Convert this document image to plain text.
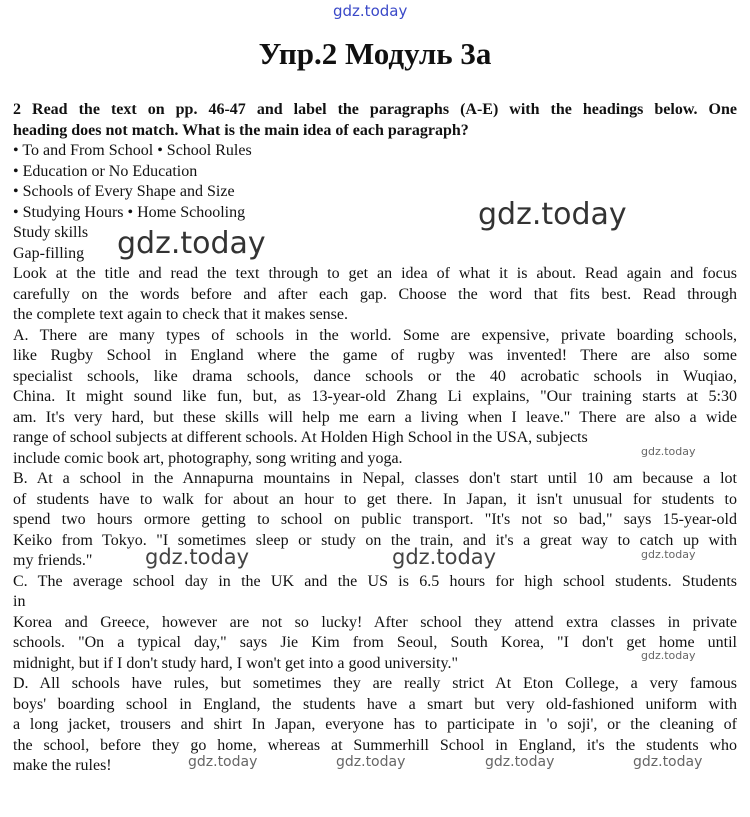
gdz.today
Упр.2 Модуль 3а

2 Read the text on pp. 46-47 and label the paragraphs (A-E) with the headings below. One

heading does not match. What is the main idea of each paragraph?

• To and From School • School Rules

• Education or No Education

• Schools of Every Shape and Size

• Studying Hours • Home Schooling

Study skills

Gap-filling

Look at the title and read the text through to get an idea of what it is about. Read again and focus

carefully on the words before and after each gap. Choose the word that fits best. Read through

the complete text again to check that it makes sense.

A. There are many types of schools in the world. Some are expensive, private boarding schools,

like Rugby School in England where the game of rugby was invented! There are also some

specialist schools, like drama schools, dance schools or the 40 acrobatic schools in Wuqiao,

China. It might sound like fun, but, as 13-year-old Zhang Li explains, "Our training starts at 5:30

am. It's very hard, but these skills will help me earn a living when I leave." There are also a wide

range of school subjects at different schools. At Holden High School in the USA, subjects

include comic book art, photography, song writing and yoga.

B. At a school in the Annapurna mountains in Nepal, classes don't start until 10 am because a lot

of students have to walk for about an hour to get there. In Japan, it isn't unusual for students to

spend two hours ormore getting to school on public transport. "It's not so bad," says 15-year-old

Keiko from Tokyo. "I sometimes sleep or study on the train, and it's a great way to catch up with

my friends."

C. The average school day in the UK and the US is 6.5 hours for high school students. Students

in

Korea and Greece, however are not so lucky! After school they attend extra classes in private

schools. "On a typical day," says Jie Kim from Seoul, South Korea, "I don't get home until

midnight, but if I don't study hard, I won't get into a good university."

D. All schools have rules, but sometimes they are really strict At Eton College, a very famous

boys' boarding school in England, the students have a smart but very old-fashioned uniform with

a long jacket, trousers and shirt In Japan, everyone has to participate in 'o soji', or the cleaning of

the school, before they go home, whereas at Summerhill School in England, it's the students who

make the rules!

gdz.today
gdz.today
gdz.today
gdz.today	gdz.today	gdz.today
gdz.today
gdz.today	gdz.today	gdz.today	gdz.today
